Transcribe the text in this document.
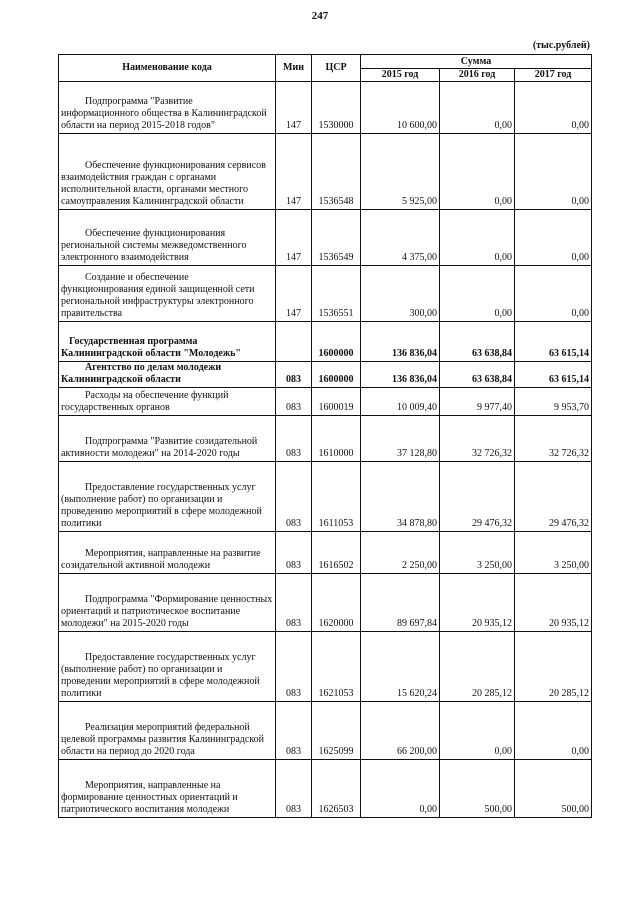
247
(тыс.рублей)
Наименование кода	Мин	ЦСР	Сумма		
			2015 год	2016 год	2017 год
Подпрограмма "Развитие информационного общества в Калининградской области на период 2015-2018 годов"	147	1530000	10 600,00	0,00	0,00
Обеспечение функционирования сервисов взаимодействия граждан с органами исполнительной власти, органами местного самоуправления Калининградской области	147	1536548	5 925,00	0,00	0,00
Обеспечение функционирования региональной системы межведомственного электронного взаимодействия	147	1536549	4 375,00	0,00	0,00
Создание и обеспечение функционирования единой защищенной сети региональной инфраструктуры электронного правительства	147	1536551	300,00	0,00	0,00
Государственная программа Калининградской области "Молодежь"		1600000	136 836,04	63 638,84	63 615,14
Агентство по делам молодежи Калининградской области	083	1600000	136 836,04	63 638,84	63 615,14
Расходы на обеспечение функций государственных органов	083	1600019	10 009,40	9 977,40	9 953,70
Подпрограмма "Развитие созидательной активности молодежи" на 2014-2020 годы	083	1610000	37 128,80	32 726,32	32 726,32
Предоставление государственных услуг (выполнение работ) по организации и проведению мероприятий в сфере молодежной политики	083	1611053	34 878,80	29 476,32	29 476,32
Мероприятия, направленные на развитие созидательной активной молодежи	083	1616502	2 250,00	3 250,00	3 250,00
Подпрограмма "Формирование ценностных ориентаций и патриотическое воспитание молодежи" на 2015-2020 годы	083	1620000	89 697,84	20 935,12	20 935,12
Предоставление государственных услуг (выполнение работ) по организации и проведении мероприятий в сфере молодежной политики	083	1621053	15 620,24	20 285,12	20 285,12
Реализация мероприятий федеральной целевой программы развития Калининградской области на период до 2020 года	083	1625099	66 200,00	0,00	0,00
Мероприятия, направленные на формирование ценностных ориентаций и патриотического воспитания молодежи	083	1626503	0,00	500,00	500,00
